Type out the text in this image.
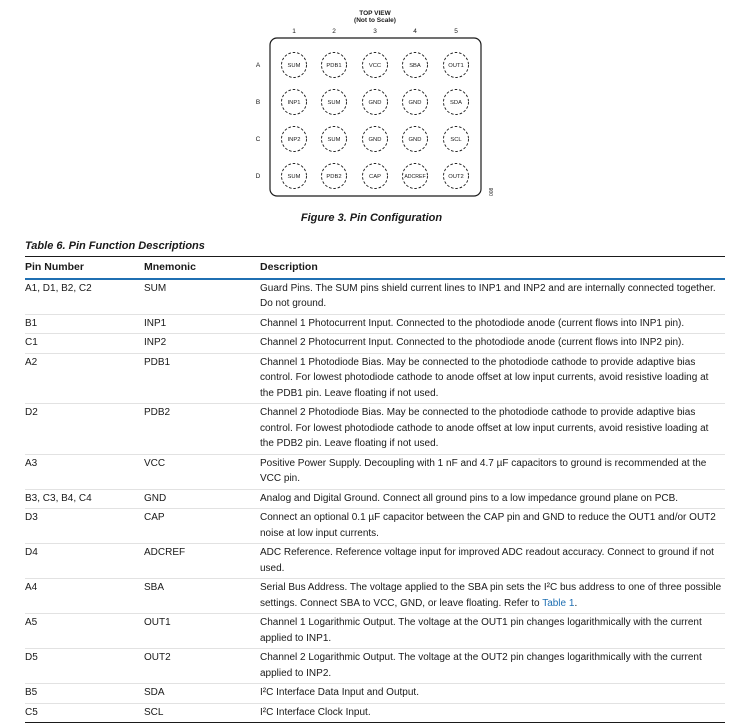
TOP VIEW
(Not to Scale)
1	2	3	4	5
A
B
C
D
SUM	PDB1	VCC	SBA	OUT1
INP1	SUM	GND	GND	SDA
INP2	SUM	GND	GND	SCL
SUM	PDB2	CAP	ADCREF	OUT2
008
Figure 3. Pin Configuration
Table 6. Pin Function Descriptions
Pin Number	Mnemonic	Description
A1, D1, B2, C2	SUM	Guard Pins. The SUM pins shield current lines to INP1 and INP2 and are internally connected together. Do not ground.
B1	INP1	Channel 1 Photocurrent Input. Connected to the photodiode anode (current flows into INP1 pin).
C1	INP2	Channel 2 Photocurrent Input. Connected to the photodiode anode (current flows into INP2 pin).
A2	PDB1	Channel 1 Photodiode Bias. May be connected to the photodiode cathode to provide adaptive bias control. For lowest photodiode cathode to anode offset at low input currents, avoid resistive loading at the PDB1 pin. Leave floating if not used.
D2	PDB2	Channel 2 Photodiode Bias. May be connected to the photodiode cathode to provide adaptive bias control. For lowest photodiode cathode to anode offset at low input currents, avoid resistive loading at the PDB2 pin. Leave floating if not used.
A3	VCC	Positive Power Supply. Decoupling with 1 nF and 4.7 µF capacitors to ground is recommended at the VCC pin.
B3, C3, B4, C4	GND	Analog and Digital Ground. Connect all ground pins to a low impedance ground plane on PCB.
D3	CAP	Connect an optional 0.1 µF capacitor between the CAP pin and GND to reduce the OUT1 and/or OUT2 noise at low input currents.
D4	ADCREF	ADC Reference. Reference voltage input for improved ADC readout accuracy. Connect to ground if not used.
A4	SBA	Serial Bus Address. The voltage applied to the SBA pin sets the I²C bus address to one of three possible settings. Connect SBA to VCC, GND, or leave floating. Refer to Table 1.
A5	OUT1	Channel 1 Logarithmic Output. The voltage at the OUT1 pin changes logarithmically with the current applied to INP1.
D5	OUT2	Channel 2 Logarithmic Output. The voltage at the OUT2 pin changes logarithmically with the current applied to INP2.
B5	SDA	I²C Interface Data Input and Output.
C5	SCL	I²C Interface Clock Input.
